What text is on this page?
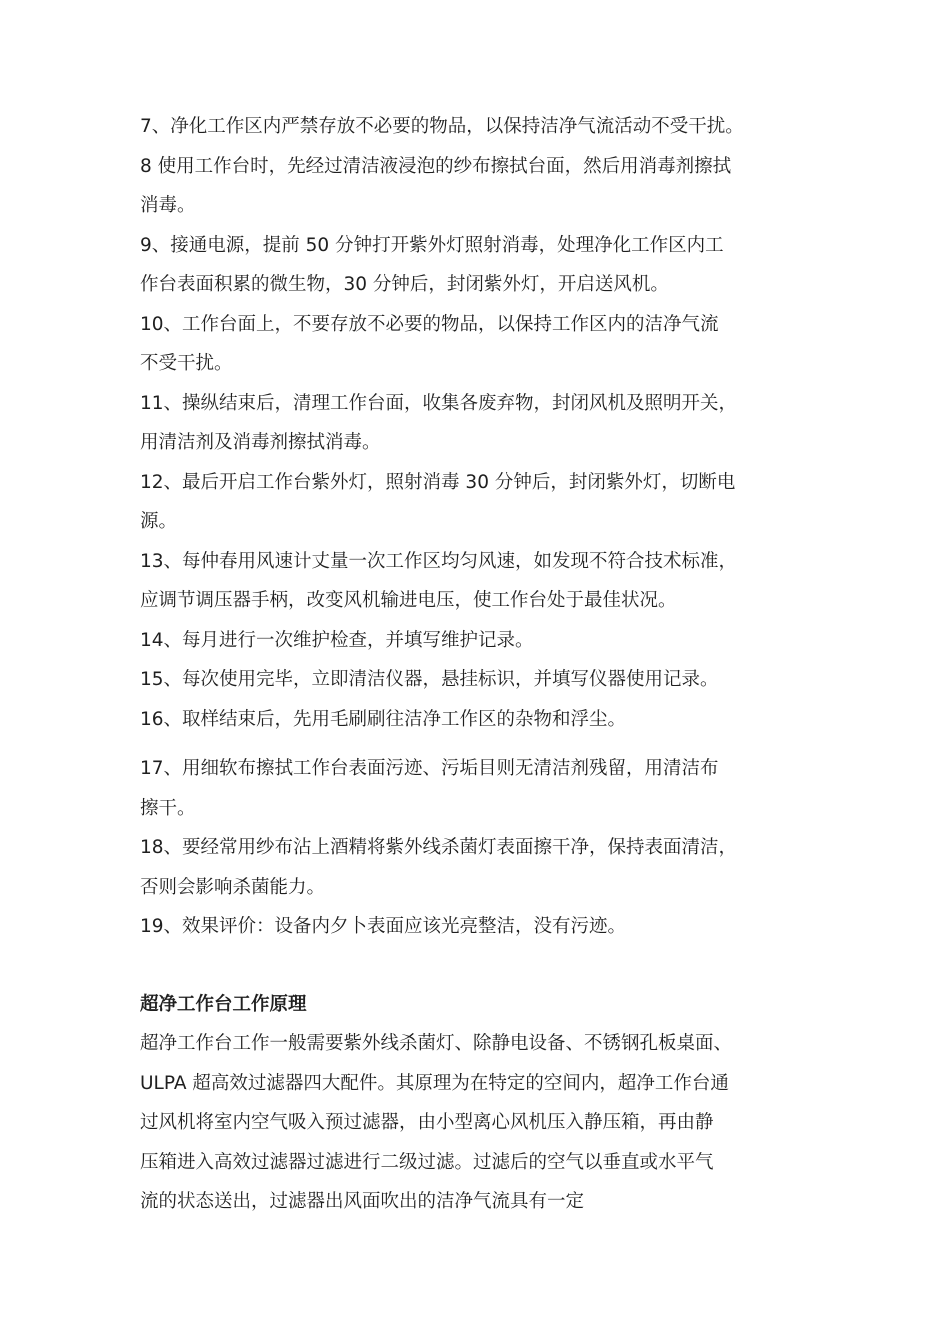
7、净化工作区内严禁存放不必要的物品，以保持洁净气流活动不受干扰。
8 使用工作台时，先经过清洁液浸泡的纱布擦拭台面，然后用消毒剂擦拭
消毒。
9、接通电源，提前 50 分钟打开紫外灯照射消毒，处理净化工作区内工
作台表面积累的微生物，30 分钟后，封闭紫外灯，开启送风机。
10、工作台面上，不要存放不必要的物品，以保持工作区内的洁净气流
不受干扰。
11、操纵结束后，清理工作台面，收集各废弃物，封闭风机及照明开关，
用清洁剂及消毒剂擦拭消毒。
12、最后开启工作台紫外灯，照射消毒 30 分钟后，封闭紫外灯，切断电
源。
13、每仲春用风速计丈量一次工作区均匀风速，如发现不符合技术标准，
应调节调压器手柄，改变风机输进电压，使工作台处于最佳状况。
14、每月进行一次维护检查，并填写维护记录。
15、每次使用完毕，立即清洁仪器，悬挂标识，并填写仪器使用记录。
16、取样结束后，先用毛刷刷往洁净工作区的杂物和浮尘。
17、用细软布擦拭工作台表面污迹、污垢目则无清洁剂残留，用清洁布
擦干。
18、要经常用纱布沾上酒精将紫外线杀菌灯表面擦干净，保持表面清洁，
否则会影响杀菌能力。
19、效果评价：设备内夕卜表面应该光亮整洁，没有污迹。
超净工作台工作原理
超净工作台工作一般需要紫外线杀菌灯、除静电设备、不锈钢孔板桌面、
ULPA 超高效过滤器四大配件。其原理为在特定的空间内，超净工作台通
过风机将室内空气吸入预过滤器，由小型离心风机压入静压箱，再由静
压箱进入高效过滤器过滤进行二级过滤。过滤后的空气以垂直或水平气
流的状态送出，过滤器出风面吹出的洁净气流具有一定
